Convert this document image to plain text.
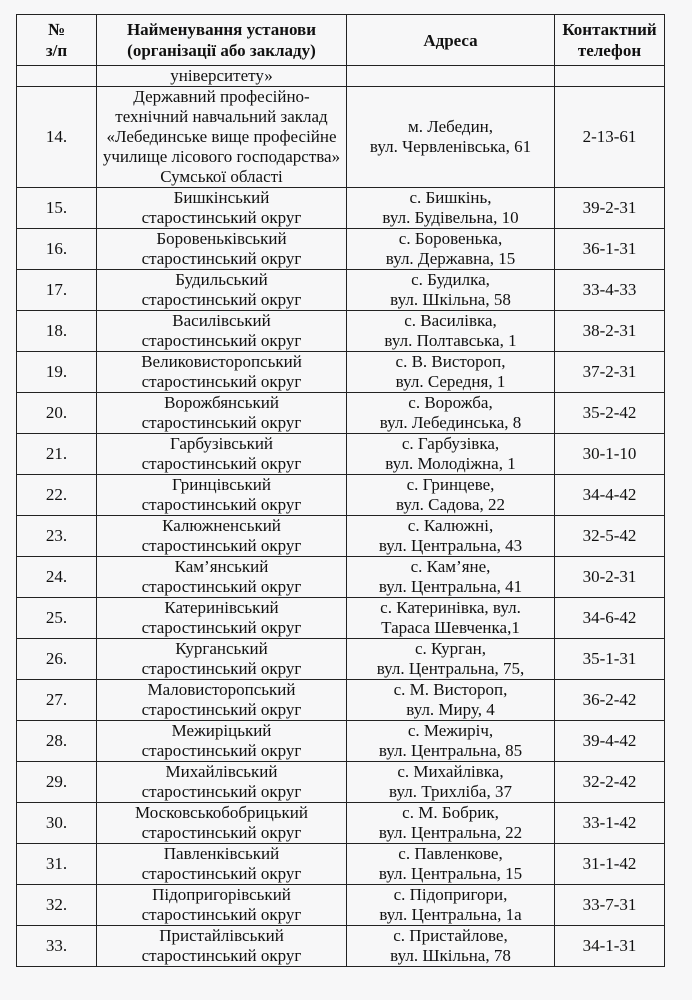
№
з/п	Найменування установи
(організації або закладу)	Адреса	Контактний
телефон
	університету»		
14.	Державний професійно-
технічний навчальний заклад
«Лебединське вище професійне
училище лісового господарства»
Сумської області	м. Лебедин,
вул. Червленівська, 61	2-13-61
15.	Бишкінський
старостинський округ	с. Бишкінь,
вул. Будівельна, 10	39-2-31
16.	Боровеньківський
старостинський округ	с. Боровенька,
вул. Державна, 15	36-1-31
17.	Будильський
старостинський округ	с. Будилка,
вул. Шкільна, 58	33-4-33
18.	Василівський
старостинський округ	с. Василівка,
вул. Полтавська, 1	38-2-31
19.	Великовисторопський
старостинський округ	с. В. Вистороп,
вул. Середня, 1	37-2-31
20.	Ворожбянський
старостинський округ	с. Ворожба,
вул. Лебединська, 8	35-2-42
21.	Гарбузівський
старостинський округ	с. Гарбузівка,
вул. Молодіжна, 1	30-1-10
22.	Гринцівський
старостинський округ	с. Гринцеве,
вул. Садова, 22	34-4-42
23.	Калюжненський
старостинський округ	с. Калюжні,
вул. Центральна, 43	32-5-42
24.	Кам’янський
старостинський округ	с. Кам’яне,
вул. Центральна, 41	30-2-31
25.	Катеринівський
старостинський округ	с. Катеринівка, вул.
Тараса Шевченка,1	34-6-42
26.	Курганський
старостинський округ	с. Курган,
вул. Центральна, 75,	35-1-31
27.	Маловисторопський
старостинський округ	с. М. Вистороп,
вул. Миру, 4	36-2-42
28.	Межиріцький
старостинський округ	с. Межиріч,
вул. Центральна, 85	39-4-42
29.	Михайлівський
старостинський округ	с. Михайлівка,
вул. Трихліба, 37	32-2-42
30.	Московськобобрицький
старостинський округ	с. М. Бобрик,
вул. Центральна, 22	33-1-42
31.	Павленківський
старостинський округ	с. Павленкове,
вул. Центральна, 15	31-1-42
32.	Підопригорівський
старостинський округ	с. Підопригори,
вул. Центральна, 1а	33-7-31
33.	Пристайлівський
старостинський округ	с. Пристайлове,
вул. Шкільна, 78	34-1-31
